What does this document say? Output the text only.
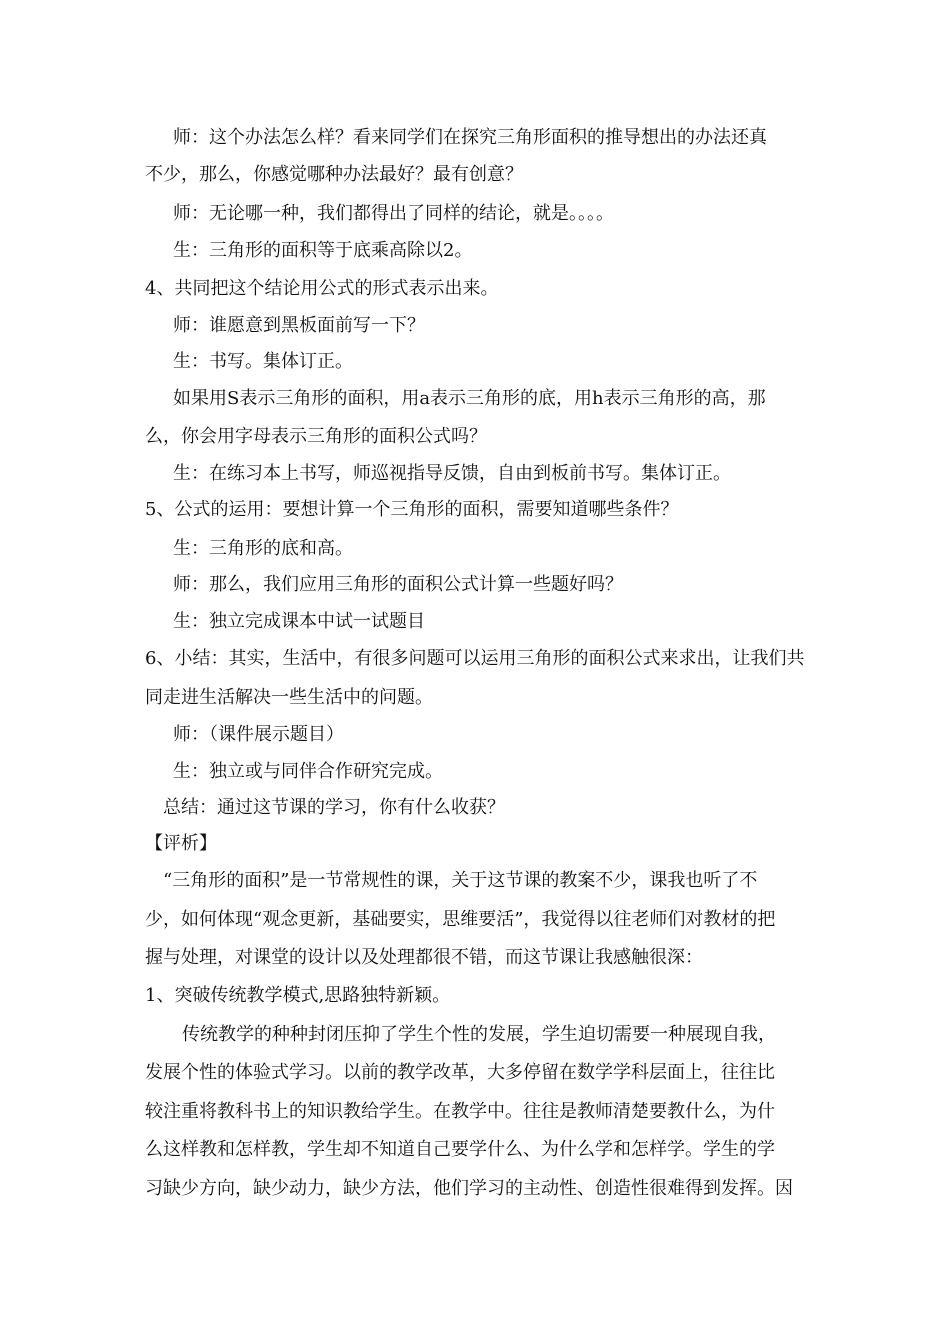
师：这个办法怎么样？看来同学们在探究三角形面积的推导想出的办法还真
不少，那么，你感觉哪种办法最好？最有创意？
师：无论哪一种，我们都得出了同样的结论，就是。。。。
生：三角形的面积等于底乘高除以2。
4、共同把这个结论用公式的形式表示出来。
师：谁愿意到黑板面前写一下？
生：书写。集体订正。
如果用S表示三角形的面积，用a表示三角形的底，用h表示三角形的高，那
么，你会用字母表示三角形的面积公式吗？
生：在练习本上书写，师巡视指导反馈，自由到板前书写。集体订正。
5、公式的运用：要想计算一个三角形的面积，需要知道哪些条件？
生：三角形的底和高。
师：那么，我们应用三角形的面积公式计算一些题好吗？
生：独立完成课本中试一试题目
6、小结：其实，生活中，有很多问题可以运用三角形的面积公式来求出，让我们共
同走进生活解决一些生活中的问题。
师：（课件展示题目）
生：独立或与同伴合作研究完成。
总结：通过这节课的学习，你有什么收获？
【评析】
“三角形的面积”是一节常规性的课，关于这节课的教案不少，课我也听了不
少，如何体现“观念更新，基础要实，思维要活”，我觉得以往老师们对教材的把
握与处理，对课堂的设计以及处理都很不错，而这节课让我感触很深：
1、突破传统教学模式,思路独特新颖。
传统教学的种种封闭压抑了学生个性的发展，学生迫切需要一种展现自我，
发展个性的体验式学习。以前的教学改革，大多停留在数学学科层面上，往往比
较注重将教科书上的知识教给学生。在教学中。往往是教师清楚要教什么，为什
么这样教和怎样教，学生却不知道自己要学什么、为什么学和怎样学。学生的学
习缺少方向，缺少动力，缺少方法，他们学习的主动性、创造性很难得到发挥。因
